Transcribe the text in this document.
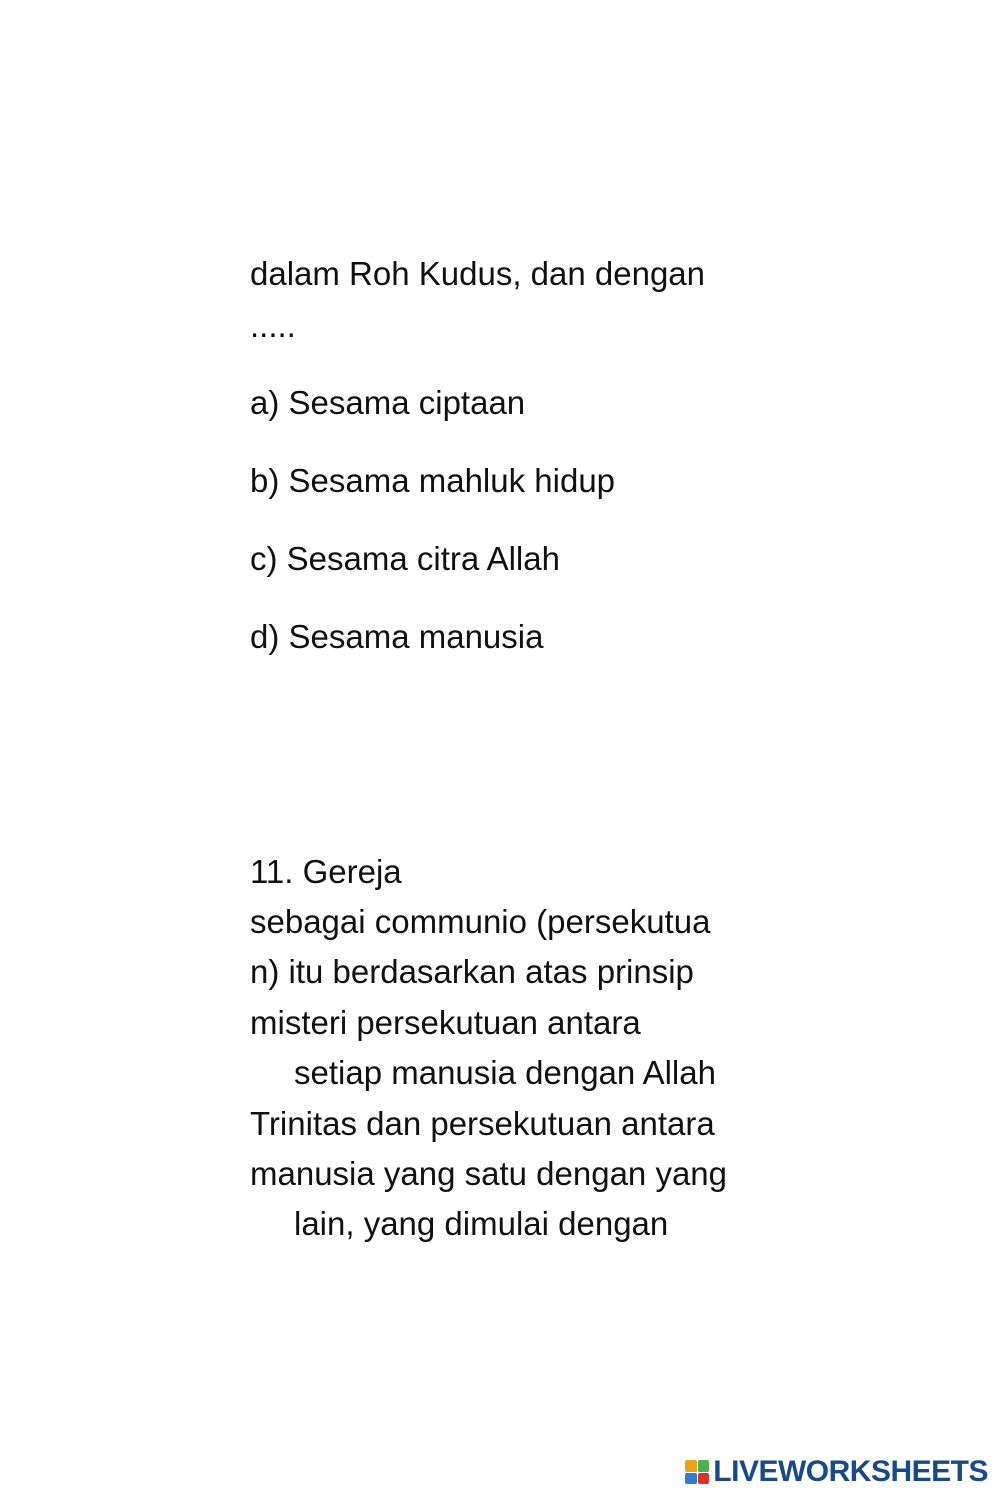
dalam Roh Kudus, dan dengan

.....

a) Sesama ciptaan

b) Sesama mahluk hidup

c) Sesama citra Allah

d) Sesama manusia

11. Gereja

sebagai communio (persekutua

n) itu berdasarkan atas prinsip

misteri persekutuan antara

setiap manusia dengan Allah

Trinitas dan persekutuan antara

manusia yang satu dengan yang

lain, yang dimulai dengan

LIVEWORKSHEETS
